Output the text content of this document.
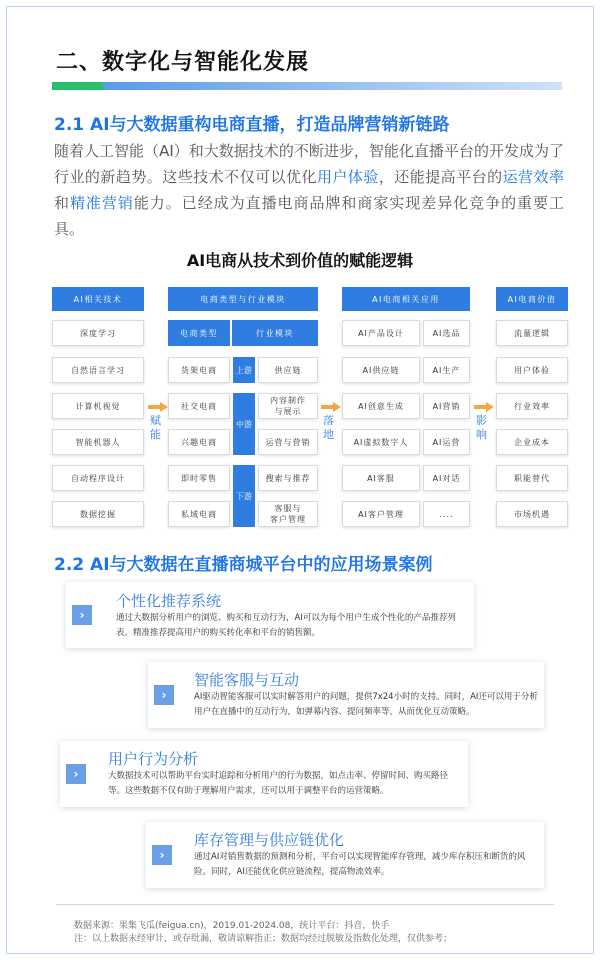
二、数字化与智能化发展
2.1 AI与大数据重构电商直播，打造品牌营销新链路
随着人工智能（AI）和大数据技术的不断进步，智能化直播平台的开发成为了行业的新趋势。这些技术不仅可以优化用户体验，还能提高平台的运营效率和精准营销能力。已经成为直播电商品牌和商家实现差异化竞争的重要工具。
AI电商从技术到价值的赋能逻辑
AI相关技术
深度学习
自然语言学习
计算机视觉
智能机器人
自动程序设计
数据挖掘
赋能
电商类型与行业模块
电商类型	行业模块
货架电商
社交电商
兴趣电商
即时零售
私域电商
上游
中游
下游
供应链
内容制作
与展示
运营与营销
搜索与推荐
客服与
客户管理
落地
AI电商相关应用
AI产品设计
AI供应链
AI创意生成
AI虚拟数字人
AI客服
AI客户管理
AI选品
AI生产
AI营销
AI运营
AI对话
....
影响
AI电商价值
流量逻辑
用户体验
行业效率
企业成本
职能替代
市场机遇
2.2 AI与大数据在直播商城平台中的应用场景案例
›
个性化推荐系统
通过大数据分析用户的浏览、购买和互动行为，AI可以为每个用户生成个性化的产品推荐列表。精准推荐提高用户的购买转化率和平台的销售额。
›
智能客服与互动
AI驱动智能客服可以实时解答用户的问题，提供7x24小时的支持。同时，AI还可以用于分析用户在直播中的互动行为，如弹幕内容、提问频率等，从而优化互动策略。
›
用户行为分析
大数据技术可以帮助平台实时追踪和分析用户的行为数据，如点击率、停留时间、购买路径等。这些数据不仅有助于理解用户需求，还可以用于调整平台的运营策略。
›
库存管理与供应链优化
通过AI对销售数据的预测和分析，平台可以实现智能库存管理，减少库存积压和断货的风险。同时，AI还能优化供应链流程，提高物流效率。
数据来源：果集飞瓜(feigua.cn)，2019.01-2024.08，统计平台：抖音，快手
注：以上数据未经审计，或存纰漏，敬请谅解指正；数据均经过脱敏及指数化处理，仅供参考；
